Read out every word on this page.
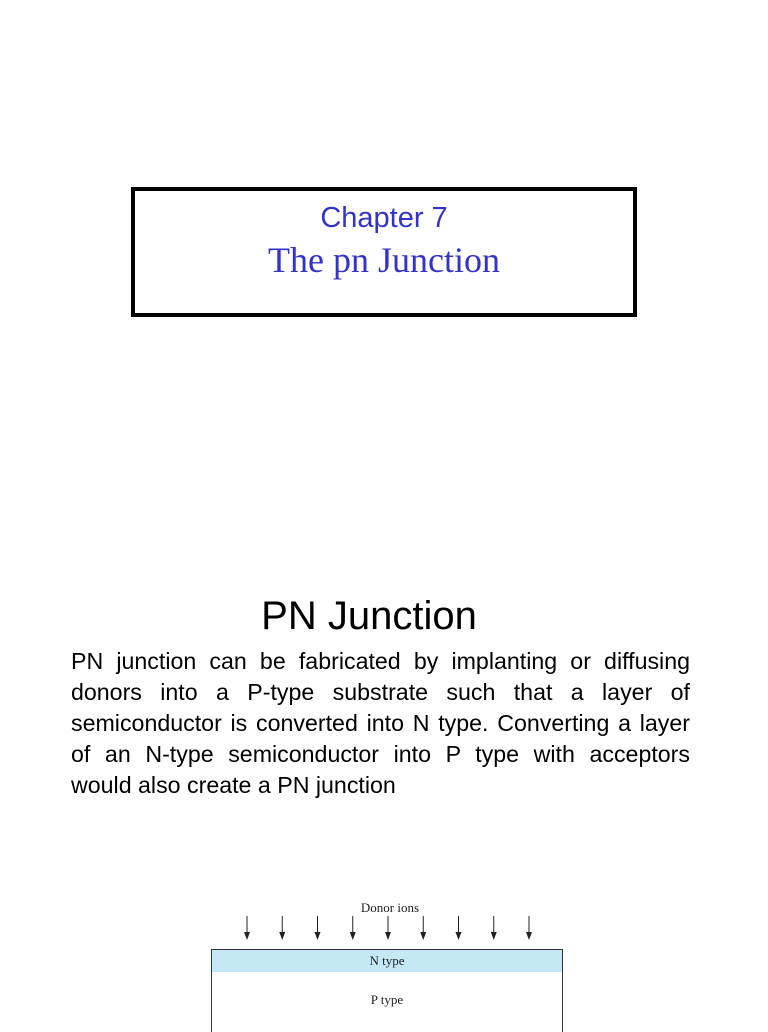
Chapter 7
The pn Junction
PN Junction

PN junction can be fabricated by implanting or diffusing donors into a P-type substrate such that a layer of semiconductor is converted into N type. Converting a layer of an N-type semiconductor into P type with acceptors would also create a PN junction

Donor ions
N type
P type
